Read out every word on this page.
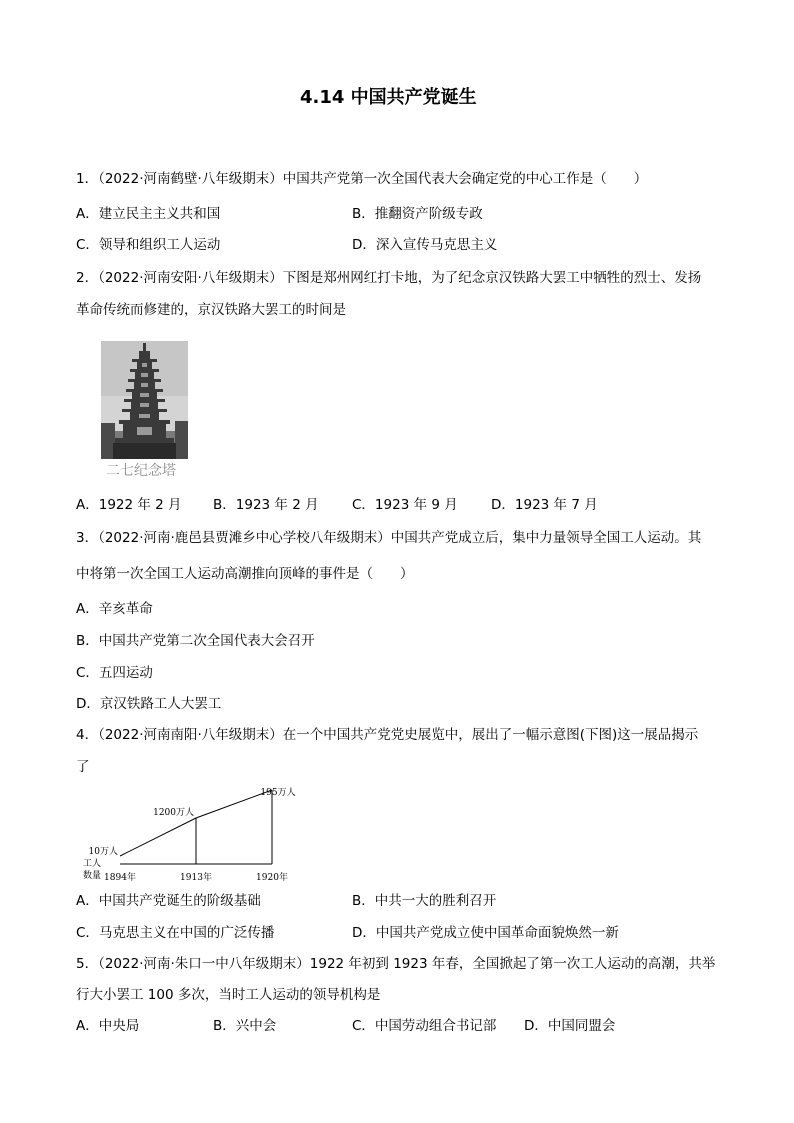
4.14 中国共产党诞生
1．（2022·河南鹤壁·八年级期末）中国共产党第一次全国代表大会确定党的中心工作是（　　）
A．建立民主主义共和国	B．推翻资产阶级专政
C．领导和组织工人运动	D．深入宣传马克思主义
2．（2022·河南安阳·八年级期末）下图是郑州网红打卡地，为了纪念京汉铁路大罢工中牺牲的烈士、发扬
革命传统而修建的，京汉铁路大罢工的时间是
二七纪念塔
A．1922 年 2 月 B．1923 年 2 月 C．1923 年 9 月 D．1923 年 7 月
3．（2022·河南·鹿邑县贾滩乡中心学校八年级期末）中国共产党成立后，集中力量领导全国工人运动。其
中将第一次全国工人运动高潮推向顶峰的事件是（　　）
A．辛亥革命
B．中国共产党第二次全国代表大会召开
C．五四运动
D．京汉铁路工人大罢工
4．（2022·河南南阳·八年级期末）在一个中国共产党党史展览中，展出了一幅示意图(下图)这一展品揭示
了
1894年	1913年	1920年
10万人
1200万人
195万人
工人
数量
A．中国共产党诞生的阶级基础	B．中共一大的胜利召开
C．马克思主义在中国的广泛传播	D．中国共产党成立使中国革命面貌焕然一新
5．（2022·河南·朱口一中八年级期末）1922 年初到 1923 年春，全国掀起了第一次工人运动的高潮，共举
行大小罢工 100 多次，当时工人运动的领导机构是
A．中央局	B．兴中会	C．中国劳动组合书记部 D．中国同盟会
